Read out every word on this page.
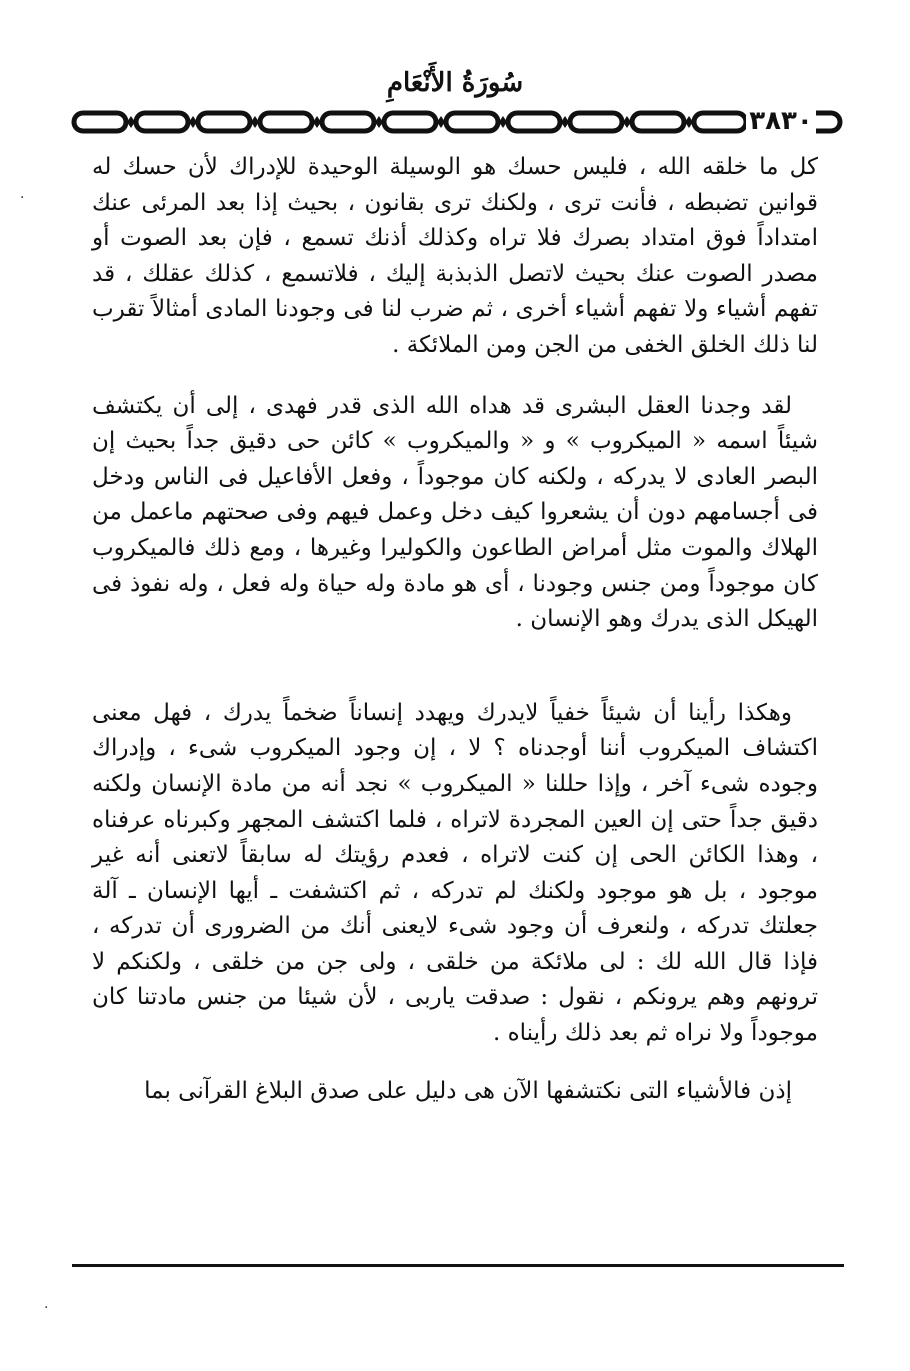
سُورَةُ الأَنْعَامِ
٣٨٣٠
·
·

كل ما خلقه الله ، فليس حسك هو الوسيلة الوحيدة للإدراك لأن حسك له قوانين تضبطه ، فأنت ترى ، ولكنك ترى بقانون ، بحيث إذا بعد المرئى عنك امتداداً فوق امتداد بصرك فلا تراه وكذلك أذنك تسمع ، فإن بعد الصوت أو مصدر الصوت عنك بحيث لاتصل الذبذبة إليك ، فلاتسمع ، كذلك عقلك ، قد تفهم أشياء ولا تفهم أشياء أخرى ، ثم ضرب لنا فى وجودنا المادى أمثالاً تقرب لنا ذلك الخلق الخفى من الجن ومن الملائكة .

لقد وجدنا العقل البشرى قد هداه الله الذى قدر فهدى ، إلى أن يكتشف شيئاً اسمه « الميكروب » و « والميكروب » كائن حى دقيق جداً بحيث إن البصر العادى لا يدركه ، ولكنه كان موجوداً ، وفعل الأفاعيل فى الناس ودخل فى أجسامهم دون أن يشعروا كيف دخل وعمل فيهم وفى صحتهم ماعمل من الهلاك والموت مثل أمراض الطاعون والكوليرا وغيرها ، ومع ذلك فالميكروب كان موجوداً ومن جنس وجودنا ، أى هو مادة وله حياة وله فعل ، وله نفوذ فى الهيكل الذى يدرك وهو الإنسان .

وهكذا رأينا أن شيئاً خفياً لايدرك ويهدد إنساناً ضخماً يدرك ، فهل معنى اكتشاف الميكروب أننا أوجدناه ؟ لا ، إن وجود الميكروب شىء ، وإدراك وجوده شىء آخر ، وإذا حللنا « الميكروب » نجد أنه من مادة الإنسان ولكنه دقيق جداً حتى إن العين المجردة لاتراه ، فلما اكتشف المجهر وكبرناه عرفناه ، وهذا الكائن الحى إن كنت لاتراه ، فعدم رؤيتك له سابقاً لاتعنى أنه غير موجود ، بل هو موجود ولكنك لم تدركه ، ثم اكتشفت ـ أيها الإنسان ـ آلة جعلتك تدركه ، ولنعرف أن وجود شىء لايعنى أنك من الضرورى أن تدركه ، فإذا قال الله لك : لى ملائكة من خلقى ، ولى جن من خلقى ، ولكنكم لا ترونهم وهم يرونكم ، نقول : صدقت ياربى ، لأن شيئا من جنس مادتنا كان موجوداً ولا نراه ثم بعد ذلك رأيناه .

إذن فالأشياء التى نكتشفها الآن هى دليل على صدق البلاغ القرآنى بما
